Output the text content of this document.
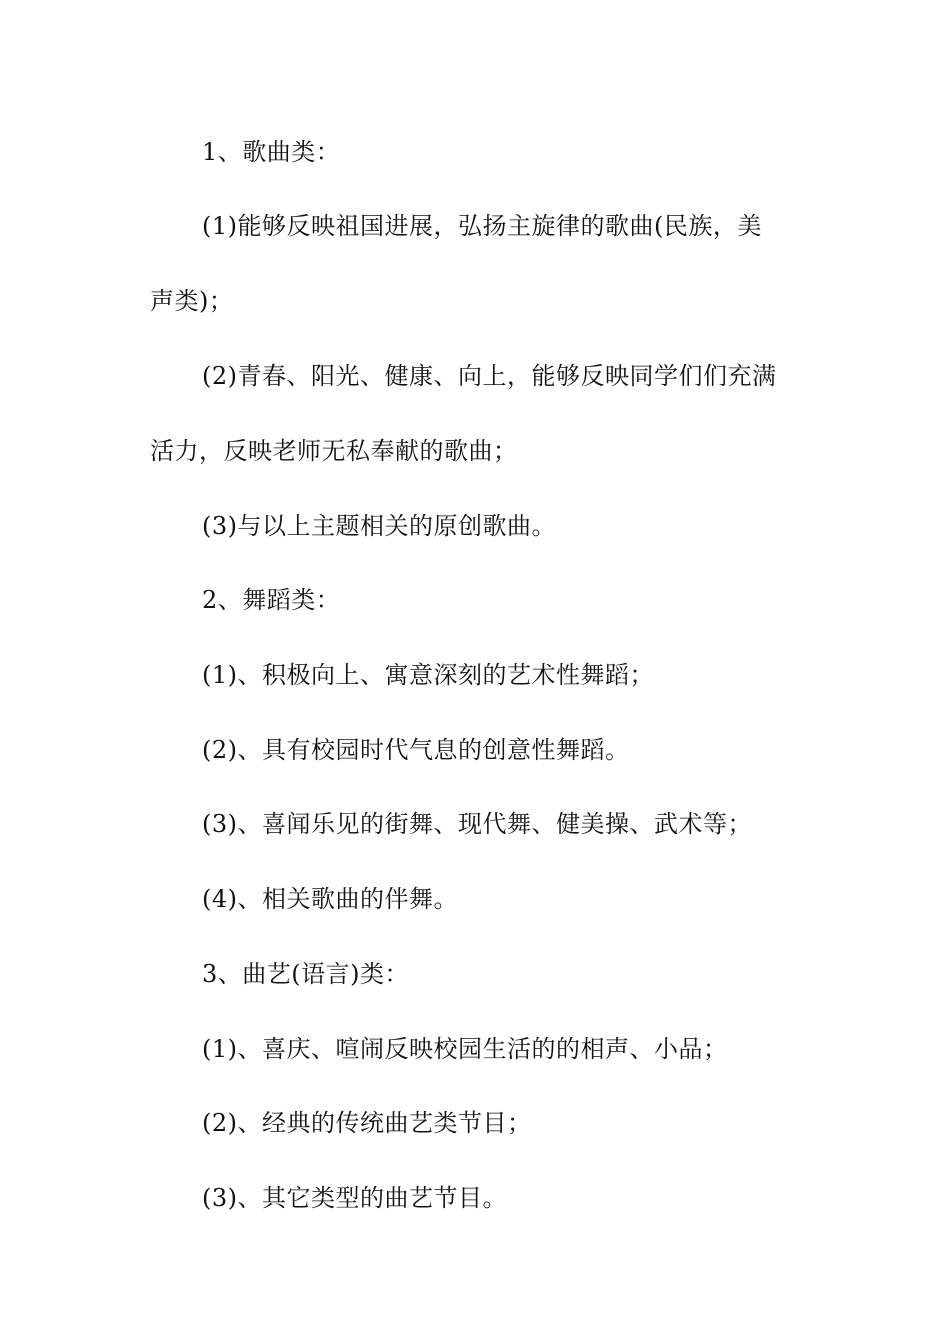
1、歌曲类：
(1)能够反映祖国进展，弘扬主旋律的歌曲(民族，美
声类)；
(2)青春、阳光、健康、向上，能够反映同学们们充满
活力，反映老师无私奉献的歌曲；
(3)与以上主题相关的原创歌曲。
2、舞蹈类：
(1)、积极向上、寓意深刻的艺术性舞蹈；
(2)、具有校园时代气息的创意性舞蹈。
(3)、喜闻乐见的街舞、现代舞、健美操、武术等；
(4)、相关歌曲的伴舞。
3、曲艺(语言)类：
(1)、喜庆、喧闹反映校园生活的的相声、小品；
(2)、经典的传统曲艺类节目；
(3)、其它类型的曲艺节目。
